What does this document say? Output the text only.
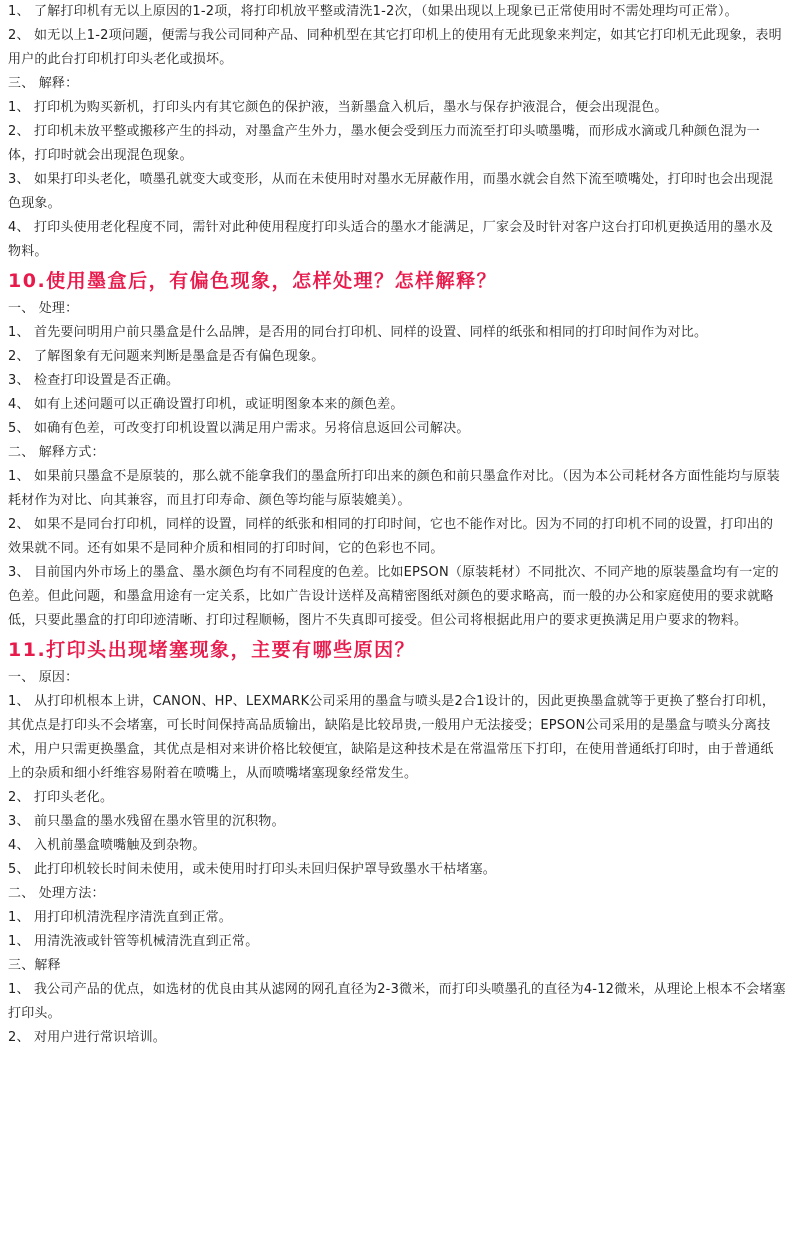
1、 了解打印机有无以上原因的1-2项，将打印机放平整或清洗1-2次，（如果出现以上现象已正常使用时不需处理均可正常）。
2、 如无以上1-2项问题，便需与我公司同种产品、同种机型在其它打印机上的使用有无此现象来判定，如其它打印机无此现象，表明用户的此台打印机打印头老化或损坏。
三、 解释：
1、 打印机为购买新机，打印头内有其它颜色的保护液，当新墨盒入机后，墨水与保存护液混合，便会出现混色。
2、 打印机未放平整或搬移产生的抖动，对墨盒产生外力，墨水便会受到压力而流至打印头喷墨嘴，而形成水滴或几种颜色混为一体，打印时就会出现混色现象。
3、 如果打印头老化，喷墨孔就变大或变形，从而在未使用时对墨水无屏蔽作用，而墨水就会自然下流至喷嘴处，打印时也会出现混色现象。
4、 打印头使用老化程度不同，需针对此种使用程度打印头适合的墨水才能满足，厂家会及时针对客户这台打印机更换适用的墨水及物料。
10.使用墨盒后，有偏色现象，怎样处理？怎样解释？
一、 处理：
1、 首先要问明用户前只墨盒是什么品牌，是否用的同台打印机、同样的设置、同样的纸张和相同的打印时间作为对比。
2、 了解图象有无问题来判断是墨盒是否有偏色现象。
3、 检查打印设置是否正确。
4、 如有上述问题可以正确设置打印机，或证明图象本来的颜色差。
5、 如确有色差，可改变打印机设置以满足用户需求。另将信息返回公司解决。
二、 解释方式：
1、 如果前只墨盒不是原装的，那么就不能拿我们的墨盒所打印出来的颜色和前只墨盒作对比。（因为本公司耗材各方面性能均与原装耗材作为对比、向其兼容，而且打印寿命、颜色等均能与原装媲美）。
2、 如果不是同台打印机，同样的设置，同样的纸张和相同的打印时间，它也不能作对比。因为不同的打印机不同的设置，打印出的效果就不同。还有如果不是同种介质和相同的打印时间，它的色彩也不同。
3、 目前国内外市场上的墨盒、墨水颜色均有不同程度的色差。比如EPSON（原装耗材）不同批次、不同产地的原装墨盒均有一定的色差。但此问题，和墨盒用途有一定关系，比如广告设计送样及高精密图纸对颜色的要求略高，而一般的办公和家庭使用的要求就略低，只要此墨盒的打印印迹清晰、打印过程顺畅，图片不失真即可接受。但公司将根据此用户的要求更换满足用户要求的物料。
11.打印头出现堵塞现象，主要有哪些原因？
一、 原因：
1、 从打印机根本上讲，CANON、HP、LEXMARK公司采用的墨盒与喷头是2合1设计的，因此更换墨盒就等于更换了整台打印机，其优点是打印头不会堵塞，可长时间保持高品质输出，缺陷是比较昂贵,一般用户无法接受；EPSON公司采用的是墨盒与喷头分离技术，用户只需更换墨盒，其优点是相对来讲价格比较便宜，缺陷是这种技术是在常温常压下打印，在使用普通纸打印时，由于普通纸上的杂质和细小纤维容易附着在喷嘴上，从而喷嘴堵塞现象经常发生。
2、 打印头老化。
3、 前只墨盒的墨水残留在墨水管里的沉积物。
4、 入机前墨盒喷嘴触及到杂物。
5、 此打印机较长时间未使用，或未使用时打印头未回归保护罩导致墨水干枯堵塞。
二、 处理方法：
1、 用打印机清洗程序清洗直到正常。
1、 用清洗液或针管等机械清洗直到正常。
三、解释
1、 我公司产品的优点，如选材的优良由其从滤网的网孔直径为2-3微米，而打印头喷墨孔的直径为4-12微米，从理论上根本不会堵塞打印头。
2、 对用户进行常识培训。
